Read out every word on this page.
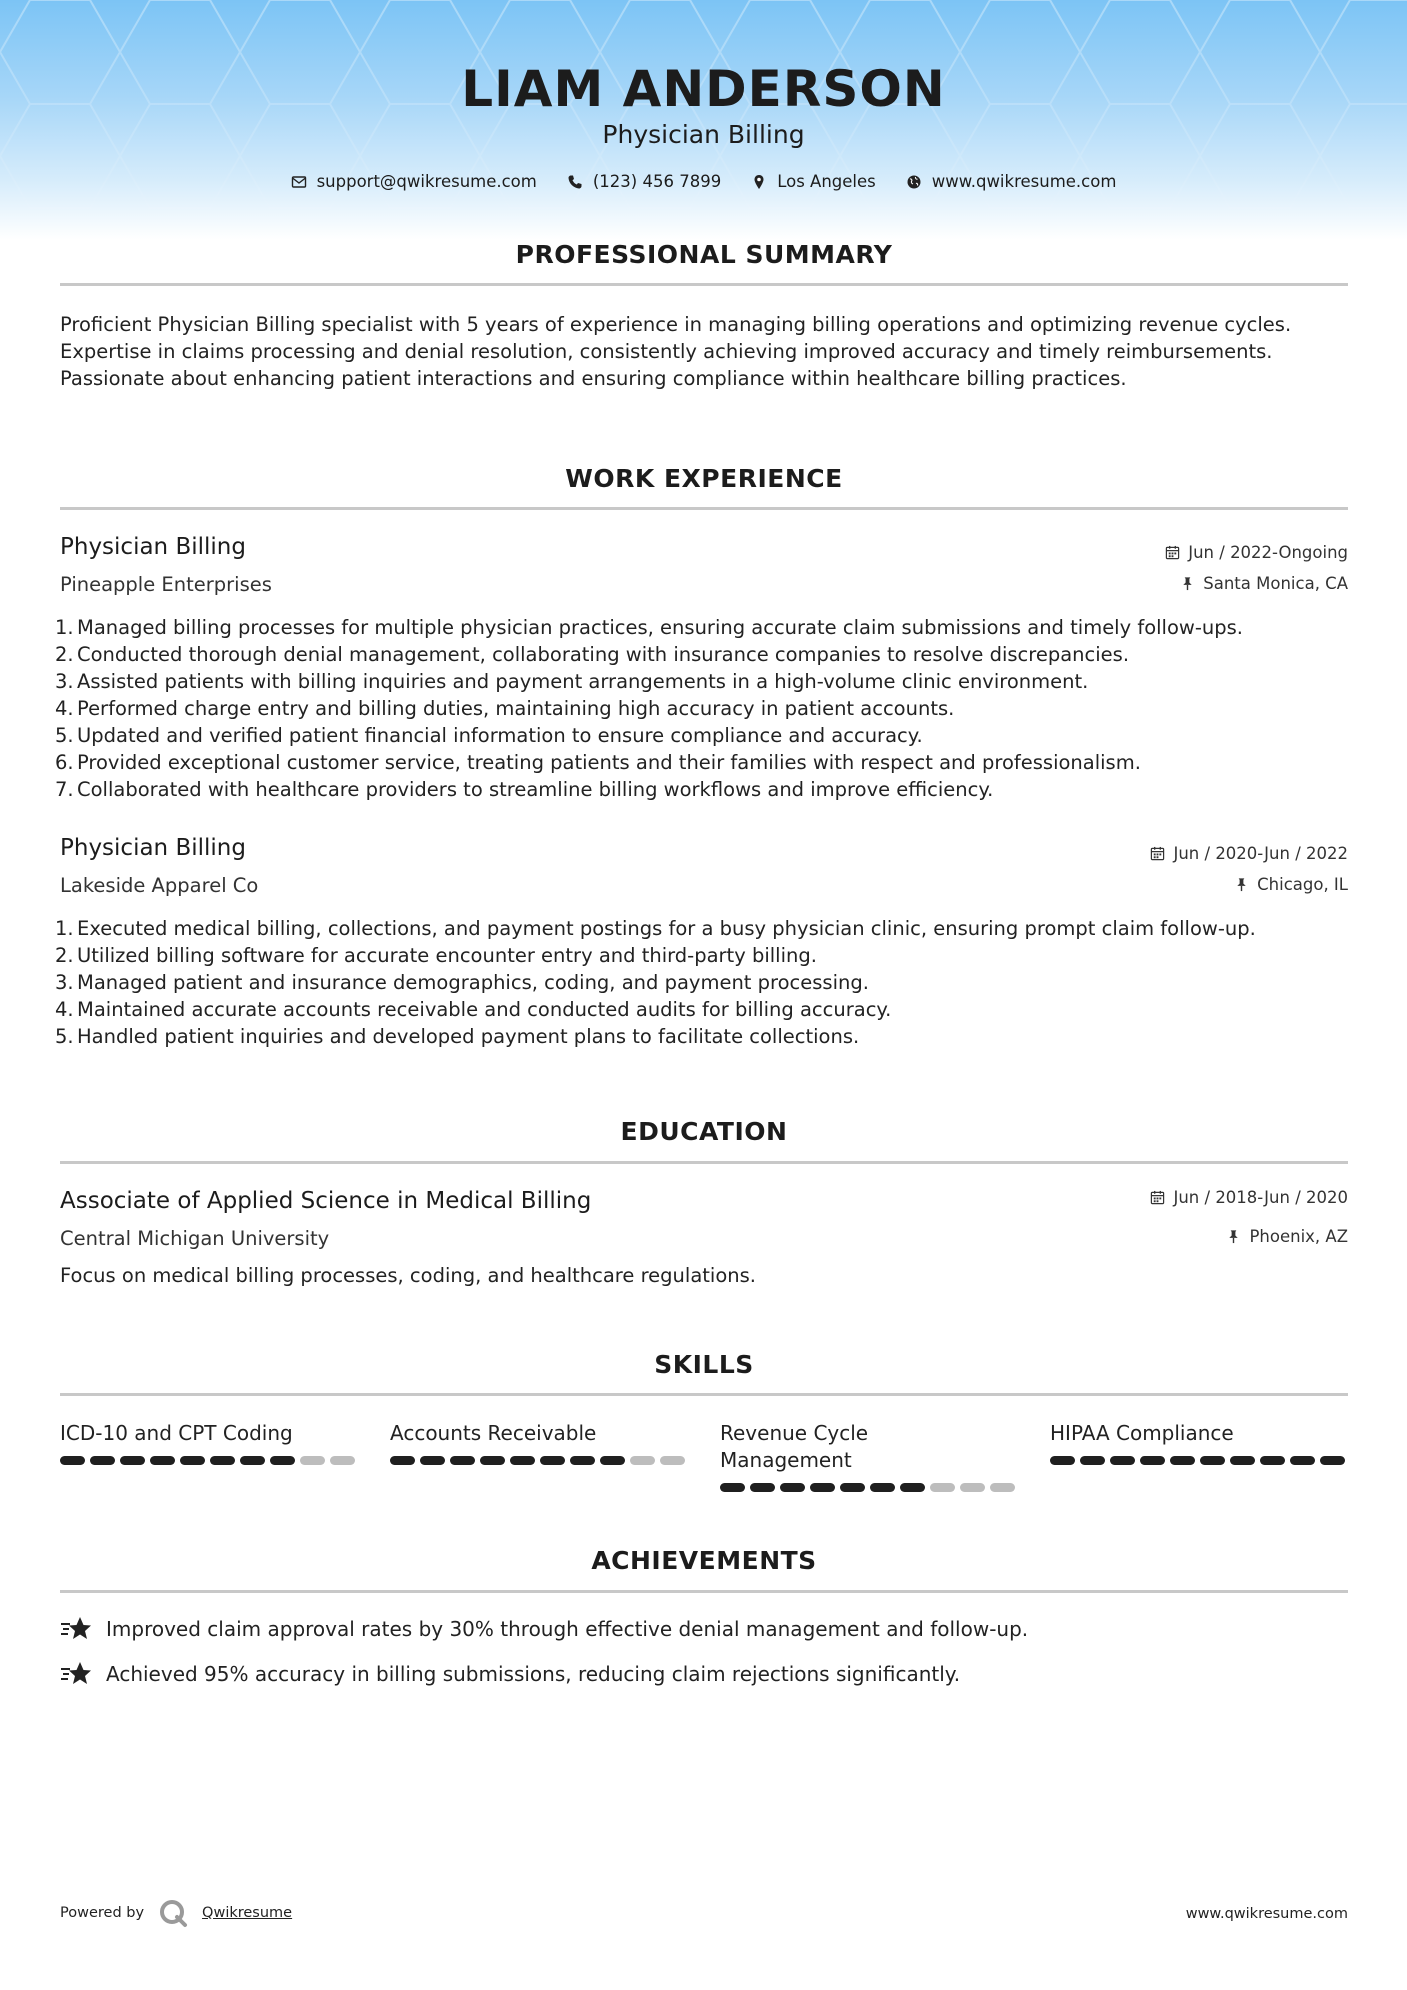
LIAM ANDERSON
Physician Billing
support@qwikresume.com	(123) 456 7899	Los Angeles	www.qwikresume.com
PROFESSIONAL SUMMARY
Proficient Physician Billing specialist with 5 years of experience in managing billing operations and optimizing revenue cycles. Expertise in claims processing and denial resolution, consistently achieving improved accuracy and timely reimbursements. Passionate about enhancing patient interactions and ensuring compliance within healthcare billing practices.
WORK EXPERIENCE
Physician Billing	Jun / 2022-Ongoing
Pineapple Enterprises	Santa Monica, CA
1. Managed billing processes for multiple physician practices, ensuring accurate claim submissions and timely follow-ups.
2. Conducted thorough denial management, collaborating with insurance companies to resolve discrepancies.
3. Assisted patients with billing inquiries and payment arrangements in a high-volume clinic environment.
4. Performed charge entry and billing duties, maintaining high accuracy in patient accounts.
5. Updated and verified patient financial information to ensure compliance and accuracy.
6. Provided exceptional customer service, treating patients and their families with respect and professionalism.
7. Collaborated with healthcare providers to streamline billing workflows and improve efficiency.
Physician Billing	Jun / 2020-Jun / 2022
Lakeside Apparel Co	Chicago, IL
1. Executed medical billing, collections, and payment postings for a busy physician clinic, ensuring prompt claim follow-up.
2. Utilized billing software for accurate encounter entry and third-party billing.
3. Managed patient and insurance demographics, coding, and payment processing.
4. Maintained accurate accounts receivable and conducted audits for billing accuracy.
5. Handled patient inquiries and developed payment plans to facilitate collections.
EDUCATION
Associate of Applied Science in Medical Billing	Jun / 2018-Jun / 2020
Central Michigan University	Phoenix, AZ
Focus on medical billing processes, coding, and healthcare regulations.
SKILLS
ICD-10 and CPT Coding	Accounts Receivable	Revenue Cycle Management
HIPAA Compliance
ACHIEVEMENTS
Improved claim approval rates by 30% through effective denial management and follow-up.
Achieved 95% accuracy in billing submissions, reducing claim rejections significantly.
Powered by	Qwikresume	www.qwikresume.com
